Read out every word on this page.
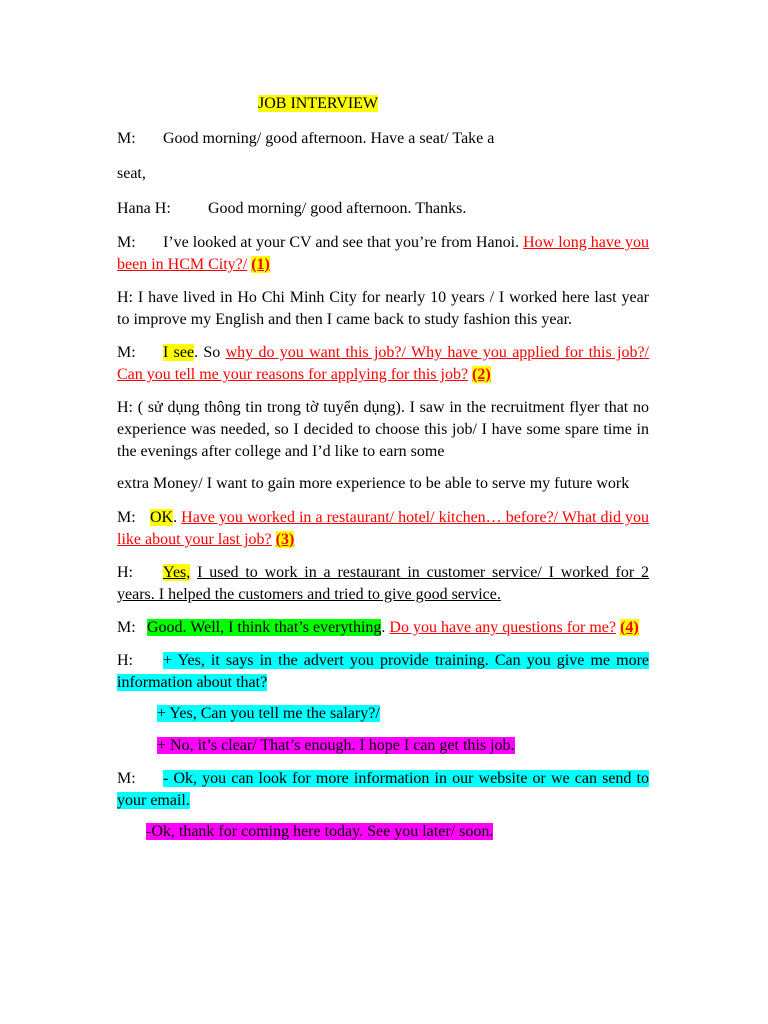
JOB INTERVIEW
M: Good morning/ good afternoon. Have a seat/ Take a
seat,
Hana H: Good morning/ good afternoon. Thanks.
M: I’ve looked at your CV and see that you’re from Hanoi. How long have you been in HCM City?/ (1)
H: I have lived in Ho Chi Minh City for nearly 10 years / I worked here last year to improve my English and then I came back to study fashion this year.
M: I see. So why do you want this job?/ Why have you applied for this job?/ Can you tell me your reasons for applying for this job? (2)
H: ( sử dụng thông tin trong tờ tuyển dụng). I saw in the recruitment flyer that no experience was needed, so I decided to choose this job/ I have some spare time in the evenings after college and I’d like to earn some
extra Money/ I want to gain more experience to be able to serve my future work
M: OK. Have you worked in a restaurant/ hotel/ kitchen… before?/ What did you like about your last job? (3)
H: Yes, I used to work in a restaurant in customer service/ I worked for 2 years. I helped the customers and tried to give good service.
M: Good. Well, I think that’s everything. Do you have any questions for me? (4)
H: + Yes, it says in the advert you provide training. Can you give me more information about that?
+ Yes, Can you tell me the salary?/
+ No, it’s clear/ That’s enough. I hope I can get this job.
M: - Ok, you can look for more information in our website or we can send to your email.
-Ok, thank for coming here today. See you later/ soon.
